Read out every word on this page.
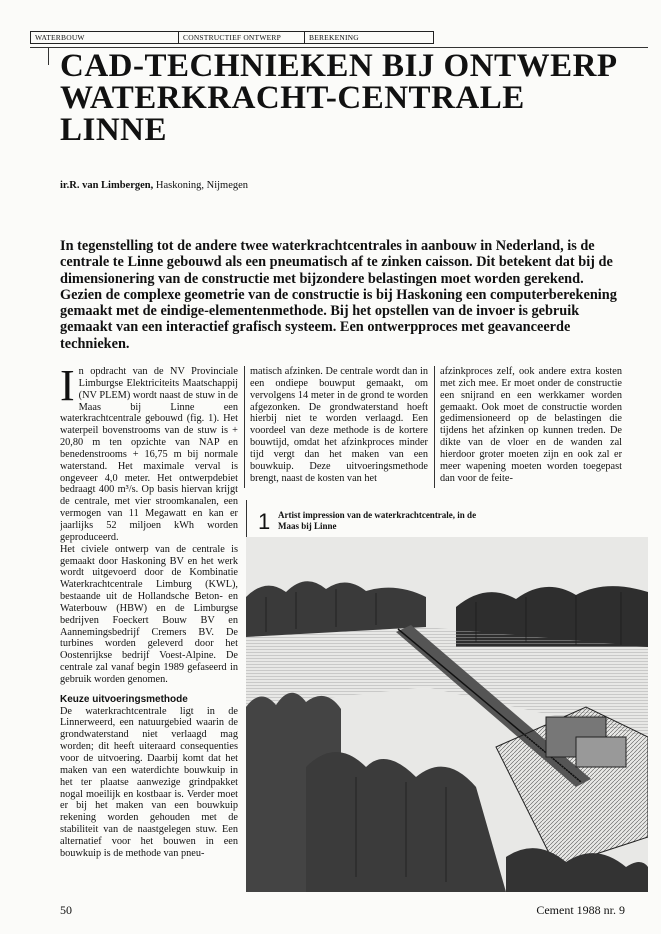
WATERBOUW	CONSTRUCTIEF ONTWERP	BEREKENING
CAD-TECHNIEKEN BIJ ONTWERP WATERKRACHT-CENTRALE LINNE
ir.R. van Limbergen, Haskoning, Nijmegen

In tegenstelling tot de andere twee waterkrachtcentrales in aanbouw in Nederland, is de centrale te Linne gebouwd als een pneumatisch af te zinken caisson. Dit betekent dat bij de dimensionering van de constructie met bijzondere belastingen moet worden gerekend. Gezien de complexe geometrie van de constructie is bij Haskoning een computerberekening gemaakt met de eindige-elementenmethode. Bij het opstellen van de invoer is gebruik gemaakt van een interactief grafisch systeem. Een ontwerpproces met geavanceerde technieken.

In opdracht van de NV Provinciale Limburgse Elektriciteits Maatschappij (NV PLEM) wordt naast de stuw in de Maas bij Linne een waterkrachtcentrale gebouwd (fig. 1). Het waterpeil bovenstrooms van de stuw is + 20,80 m ten opzichte van NAP en benedenstrooms + 16,75 m bij normale waterstand. Het maximale verval is ongeveer 4,0 meter. Het ontwerpdebiet bedraagt 400 m³/s. Op basis hiervan krijgt de centrale, met vier stroomkanalen, een vermogen van 11 Megawatt en kan er jaarlijks 52 miljoen kWh worden geproduceerd.

Het civiele ontwerp van de centrale is gemaakt door Haskoning BV en het werk wordt uitgevoerd door de Kombinatie Waterkrachtcentrale Limburg (KWL), bestaande uit de Hollandsche Beton- en Waterbouw (HBW) en de Limburgse bedrijven Foeckert Bouw BV en Aannemingsbedrijf Cremers BV. De turbines worden geleverd door het Oostenrijkse bedrijf Voest-Alpine. De centrale zal vanaf begin 1989 gefaseerd in gebruik worden genomen.

Keuze uitvoeringsmethode

De waterkrachtcentrale ligt in de Linnerweerd, een natuurgebied waarin de grondwaterstand niet verlaagd mag worden; dit heeft uiteraard consequenties voor de uitvoering. Daarbij komt dat het maken van een waterdichte bouwkuip in het ter plaatse aanwezige grindpakket nogal moeilijk en kostbaar is. Verder moet er bij het maken van een bouwkuip rekening worden gehouden met de stabiliteit van de naastgelegen stuw. Een alternatief voor het bouwen in een bouwkuip is de methode van pneu-

matisch afzinken. De centrale wordt dan in een ondiepe bouwput gemaakt, om vervolgens 14 meter in de grond te worden afgezonken. De grondwaterstand hoeft hierbij niet te worden verlaagd. Een voordeel van deze methode is de kortere bouwtijd, omdat het afzinkproces minder tijd vergt dan het maken van een bouwkuip. Deze uitvoeringsmethode brengt, naast de kosten van het

afzinkproces zelf, ook andere extra kosten met zich mee. Er moet onder de constructie een snijrand en een werkkamer worden gemaakt. Ook moet de constructie worden gedimensioneerd op de belastingen die tijdens het afzinken op kunnen treden. De dikte van de vloer en de wanden zal hierdoor groter moeten zijn en ook zal er meer wapening moeten worden toegepast dan voor de feite-

1 Artist impression van de waterkrachtcentrale, in de Maas bij Linne
50	Cement 1988 nr. 9
